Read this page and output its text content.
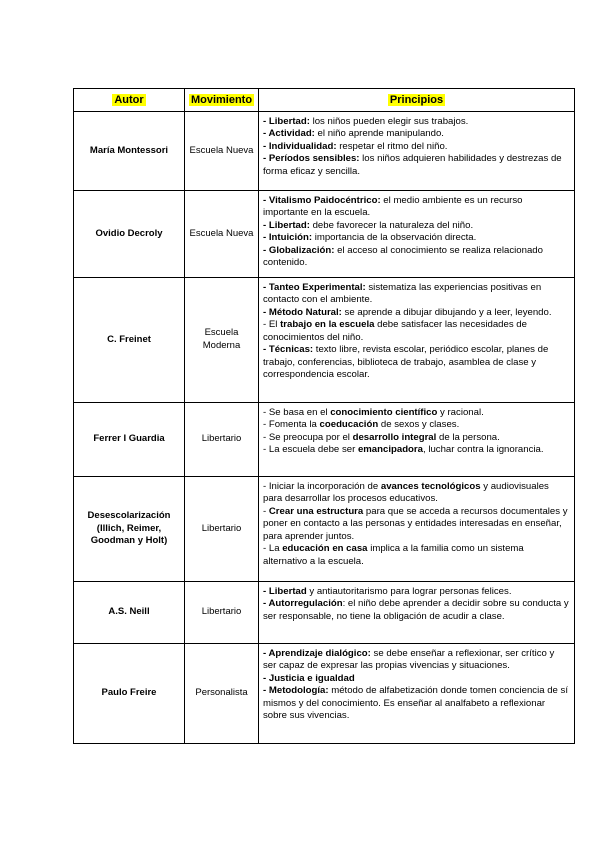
Autor	Movimiento	Principios
María Montessori	Escuela Nueva	- Libertad: los niños pueden elegir sus trabajos.
- Actividad: el niño aprende manipulando.
- Individualidad: respetar el ritmo del niño.
- Períodos sensibles: los niños adquieren habilidades y destrezas de forma eficaz y sencilla.

Ovidio Decroly	Escuela Nueva	- Vitalismo Paidocéntrico: el medio ambiente es un recurso importante en la escuela.
- Libertad: debe favorecer la naturaleza del niño.
- Intuición: importancia de la observación directa.
- Globalización: el acceso al conocimiento se realiza relacionado contenido.

C. Freinet	Escuela Moderna	- Tanteo Experimental: sistematiza las experiencias positivas en contacto con el ambiente.
- Método Natural: se aprende a dibujar dibujando y a leer, leyendo.
- El trabajo en la escuela debe satisfacer las necesidades de conocimientos del niño.
- Técnicas: texto libre, revista escolar, periódico escolar, planes de trabajo, conferencias, biblioteca de trabajo, asamblea de clase y correspondencia escolar.

Ferrer I Guardia	Libertario	- Se basa en el conocimiento científico y racional.
- Fomenta la coeducación de sexos y clases.
- Se preocupa por el desarrollo integral de la persona.
- La escuela debe ser emancipadora, luchar contra la ignorancia.

Desescolarización (Illich, Reimer, Goodman y Holt)	Libertario	- Iniciar la incorporación de avances tecnológicos y audiovisuales para desarrollar los procesos educativos.
- Crear una estructura para que se acceda a recursos documentales y poner en contacto a las personas y entidades interesadas en enseñar, para aprender juntos.
- La educación en casa implica a la familia como un sistema alternativo a la escuela.

A.S. Neill	Libertario	- Libertad y antiautoritarismo para lograr personas felices.
- Autorregulación: el niño debe aprender a decidir sobre su conducta y ser responsable, no tiene la obligación de acudir a clase.

Paulo Freire	Personalista	- Aprendizaje dialógico: se debe enseñar a reflexionar, ser crítico y ser capaz de expresar las propias vivencias y situaciones.
- Justicia e igualdad
- Metodología: método de alfabetización donde tomen conciencia de sí mismos y del conocimiento. Es enseñar al analfabeto a reflexionar sobre sus vivencias.
